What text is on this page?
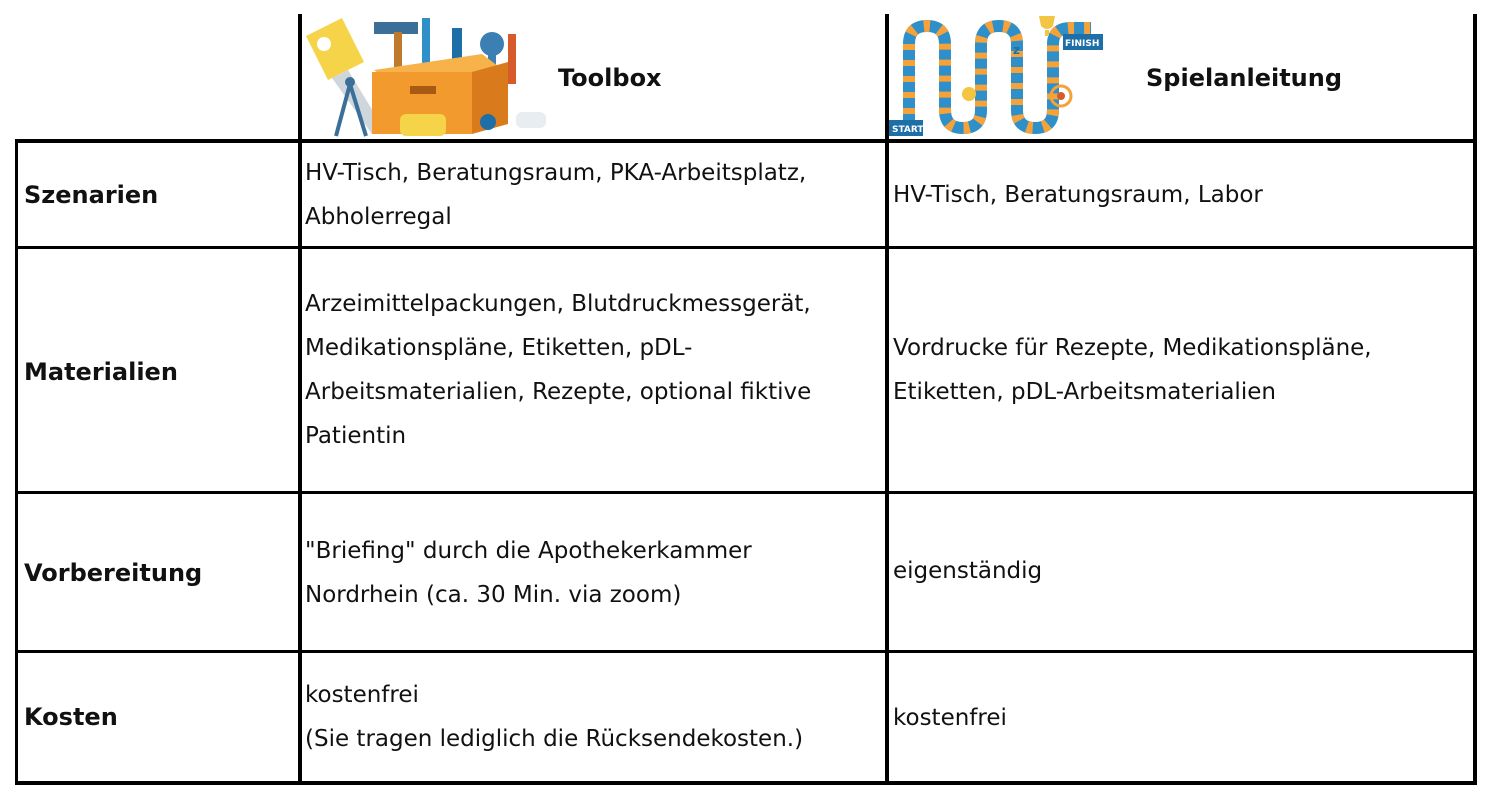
Toolbox
START
FINISH
z
Spielanleitung
Szenarien
HV-Tisch, Beratungsraum, PKA-Arbeitsplatz,
Abholerregal
HV-Tisch, Beratungsraum, Labor
Materialien
Arzeimittelpackungen, Blutdruckmessgerät,
Medikationspläne, Etiketten, pDL-
Arbeitsmaterialien, Rezepte, optional fiktive
Patientin
Vordrucke für Rezepte, Medikationspläne,
Etiketten, pDL-Arbeitsmaterialien
Vorbereitung
"Briefing" durch die Apothekerkammer
Nordrhein (ca. 30 Min. via zoom)
eigenständig
Kosten
kostenfrei
(Sie tragen lediglich die Rücksendekosten.)
kostenfrei
